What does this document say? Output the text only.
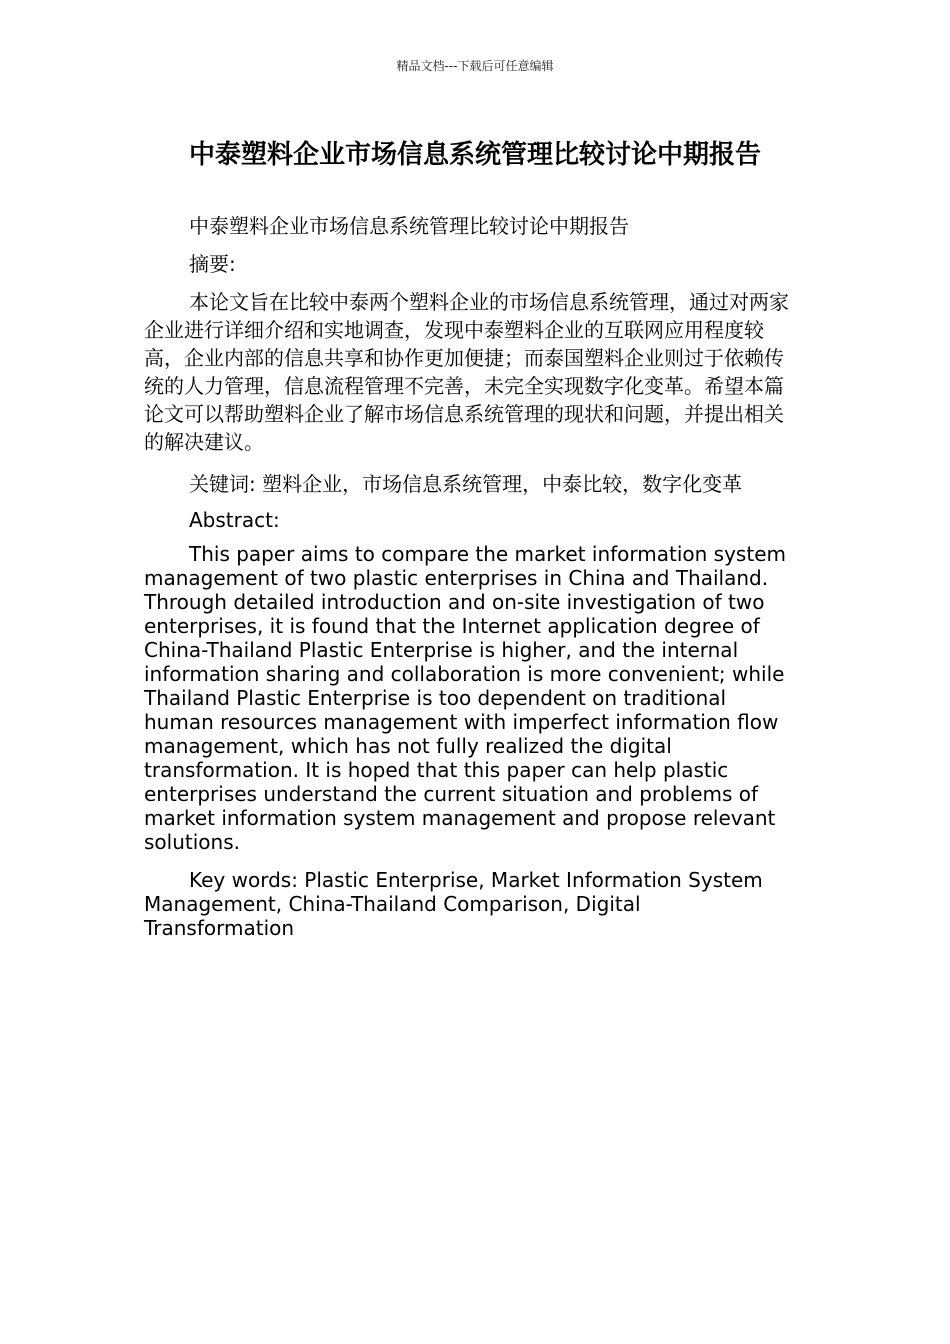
精品文档---下载后可任意编辑
中泰塑料企业市场信息系统管理比较讨论中期报告

中泰塑料企业市场信息系统管理比较讨论中期报告

摘要:

本论文旨在比较中泰两个塑料企业的市场信息系统管理，通过对两家企业进行详细介绍和实地调查，发现中泰塑料企业的互联网应用程度较高，企业内部的信息共享和协作更加便捷；而泰国塑料企业则过于依赖传统的人力管理，信息流程管理不完善，未完全实现数字化变革。希望本篇论文可以帮助塑料企业了解市场信息系统管理的现状和问题，并提出相关的解决建议。

关键词: 塑料企业，市场信息系统管理，中泰比较，数字化变革

Abstract:

This paper aims to compare the market information system management of two plastic enterprises in China and Thailand. Through detailed introduction and on-site investigation of two enterprises, it is found that the Internet application degree of China-Thailand Plastic Enterprise is higher, and the internal information sharing and collaboration is more convenient; while Thailand Plastic Enterprise is too dependent on traditional human resources management with imperfect information flow management, which has not fully realized the digital transformation. It is hoped that this paper can help plastic enterprises understand the current situation and problems of market information system management and propose relevant solutions.

Key words: Plastic Enterprise, Market Information System Management, China-Thailand Comparison, Digital Transformation
